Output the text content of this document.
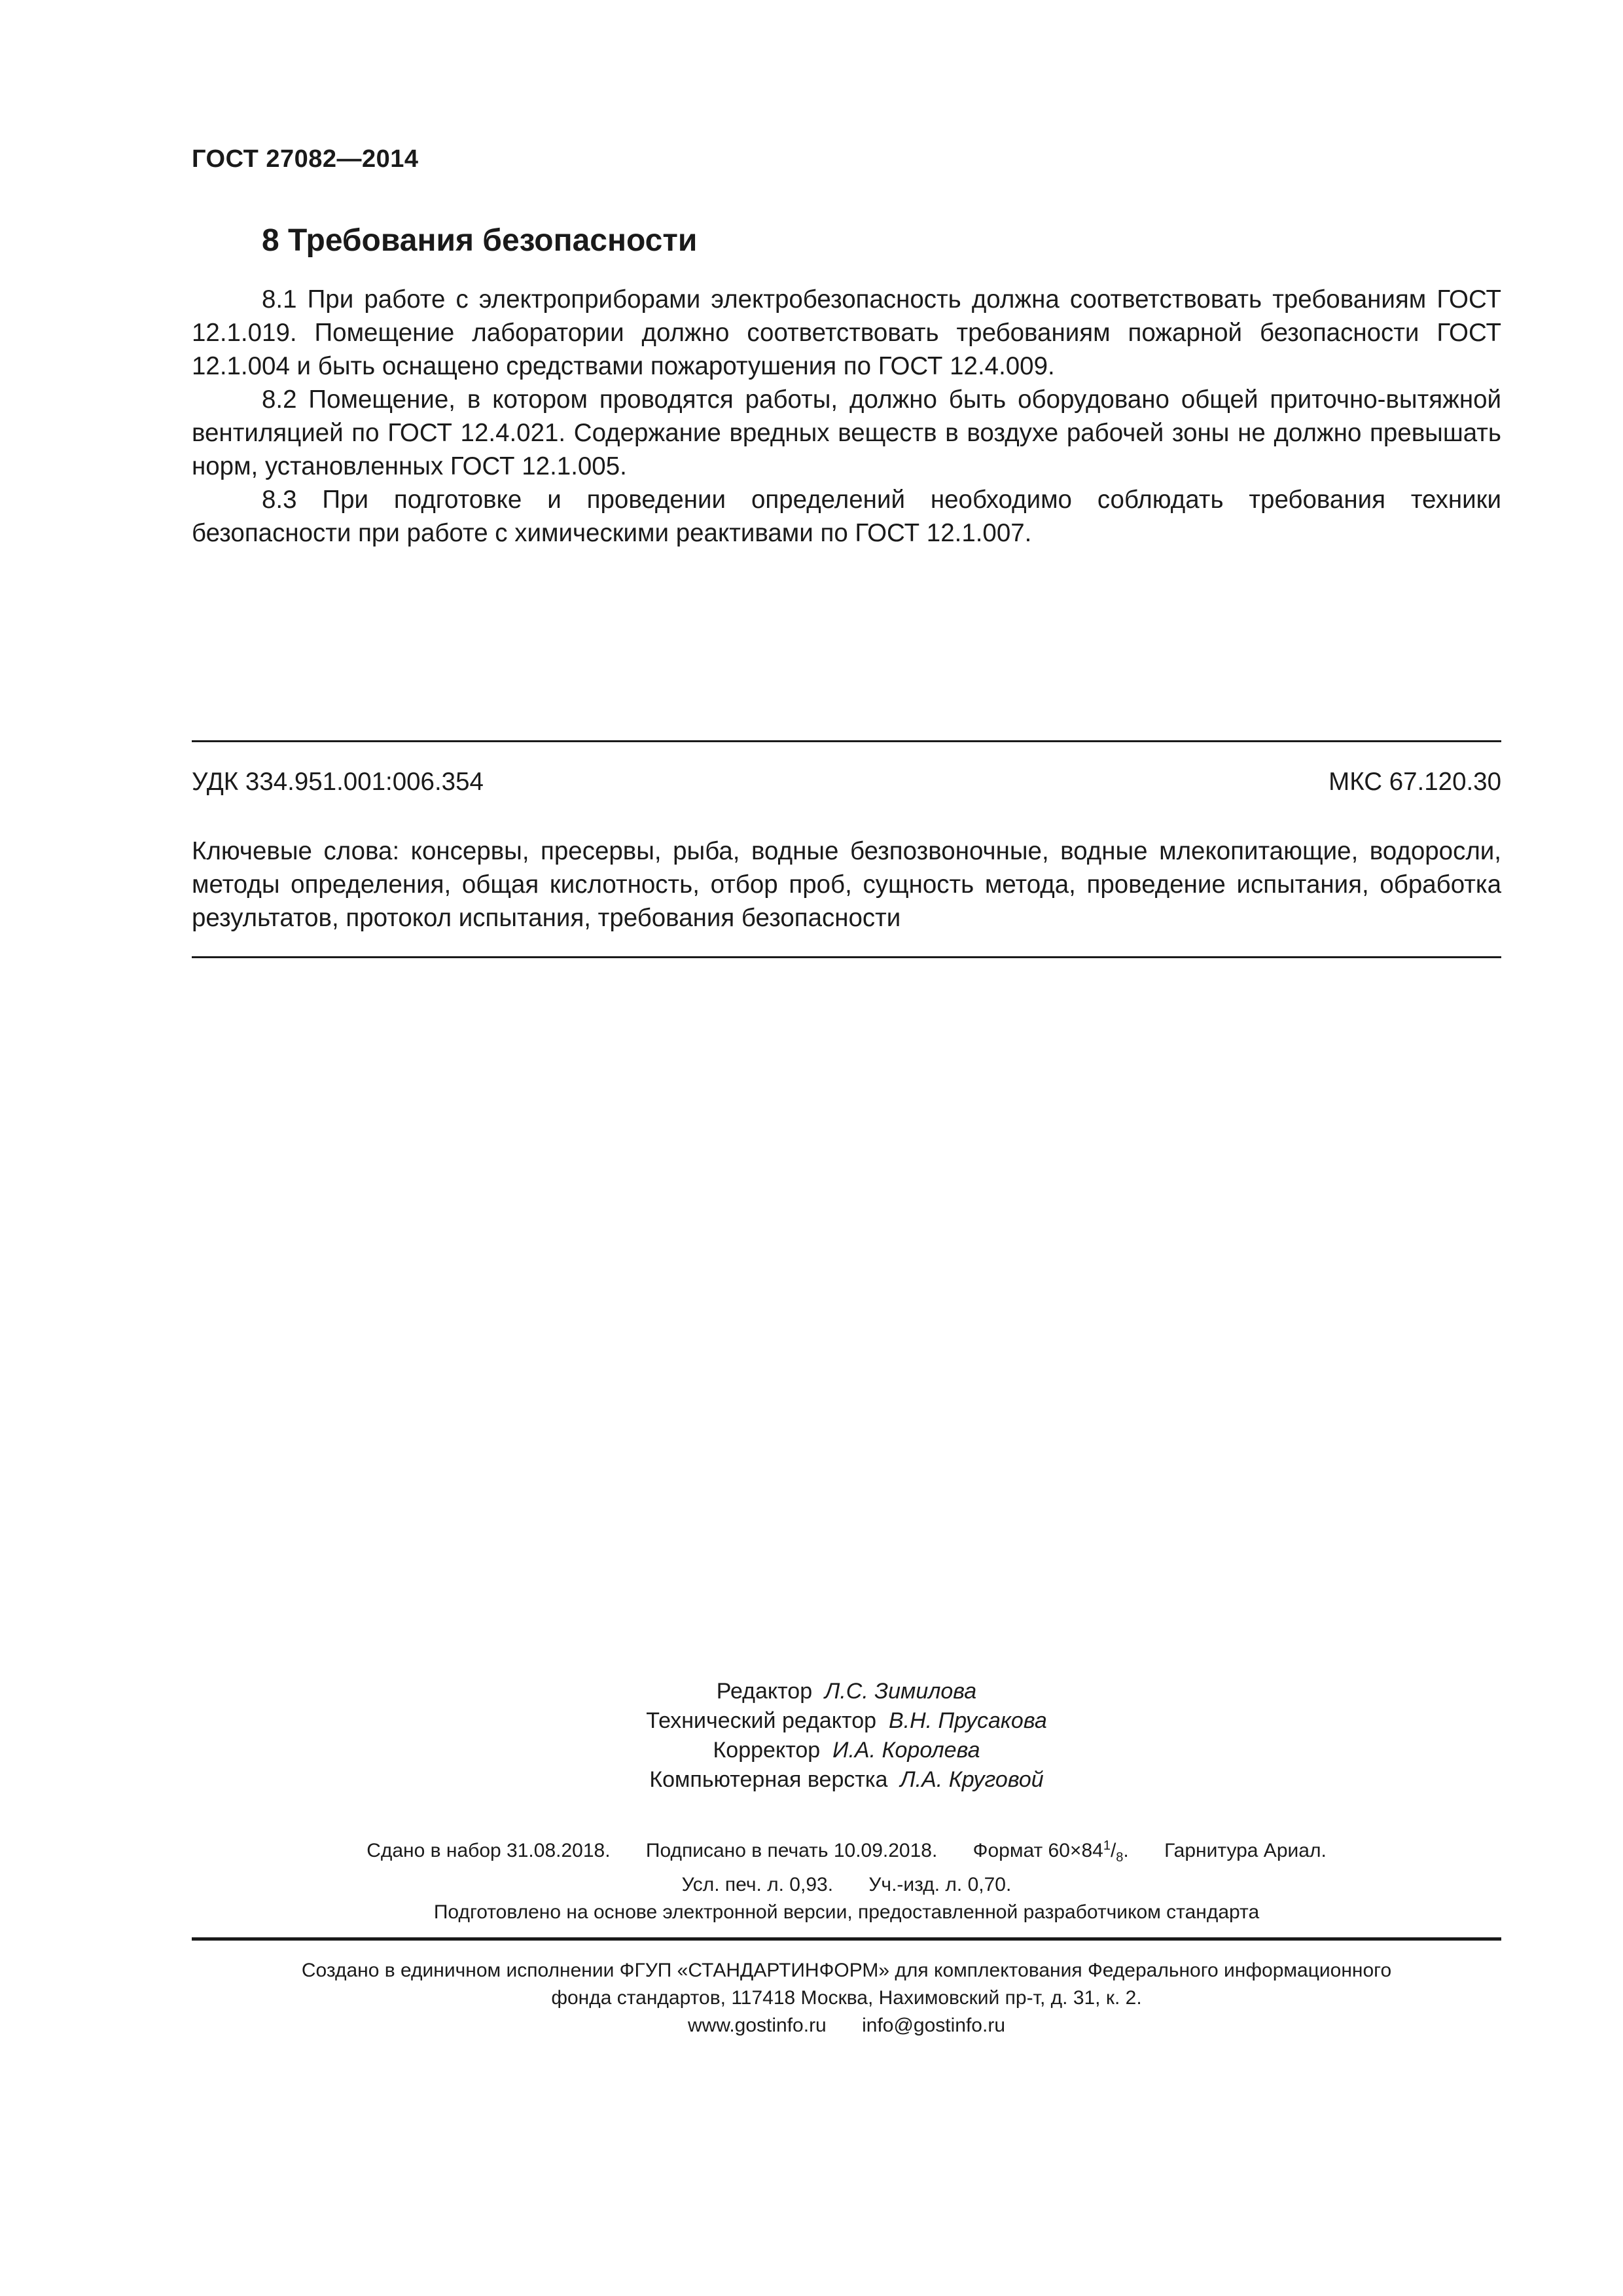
ГОСТ 27082—2014
8 Требования безопасности

8.1 При работе с электроприборами электробезопасность должна соответствовать требованиям ГОСТ 12.1.019. Помещение лаборатории должно соответствовать требованиям пожарной безопасности ГОСТ 12.1.004 и быть оснащено средствами пожаротушения по ГОСТ 12.4.009.

8.2 Помещение, в котором проводятся работы, должно быть оборудовано общей приточно-вытяжной вентиляцией по ГОСТ 12.4.021. Содержание вредных веществ в воздухе рабочей зоны не должно превышать норм, установленных ГОСТ 12.1.005.

8.3 При подготовке и проведении определений необходимо соблюдать требования техники безопасности при работе с химическими реактивами по ГОСТ 12.1.007.

УДК 334.951.001:006.354	МКС 67.120.30

Ключевые слова: консервы, пресервы, рыба, водные безпозвоночные, водные млекопитающие, водоросли, методы определения, общая кислотность, отбор проб, сущность метода, проведение испытания, обработка результатов, протокол испытания, требования безопасности

Редактор Л.С. Зимилова
Технический редактор В.Н. Прусакова
Корректор И.А. Королева
Компьютерная верстка Л.А. Круговой
Сдано в набор 31.08.2018. Подписано в печать 10.09.2018. Формат $60\times 84^1/_8$. Гарнитура Ариал.
Усл. печ. л. 0,93. Уч.-изд. л. 0,70.
Подготовлено на основе электронной версии, предоставленной разработчиком стандарта
Создано в единичном исполнении ФГУП «СТАНДАРТИНФОРМ» для комплектования Федерального информационного
фонда стандартов, 117418 Москва, Нахимовский пр-т, д. 31, к. 2.
www.gostinfo.ru info@gostinfo.ru
